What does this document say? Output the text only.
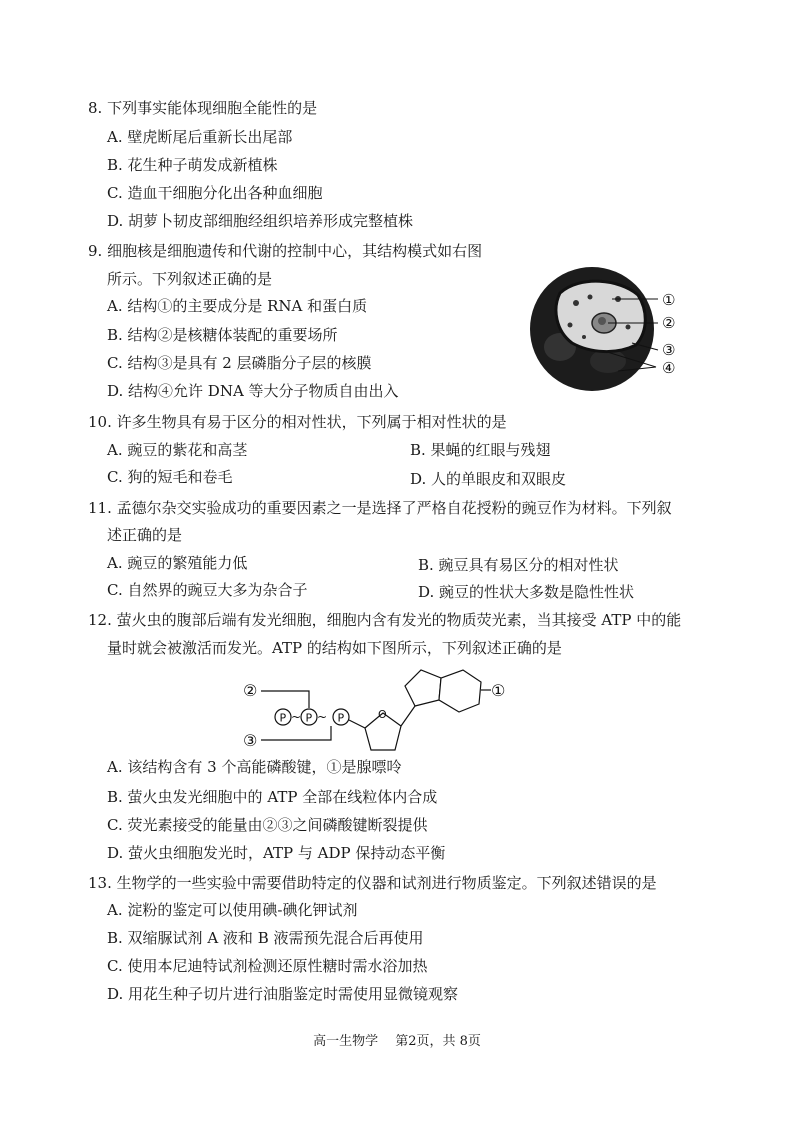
8. 下列事实能体现细胞全能性的是
A. 壁虎断尾后重新长出尾部
B. 花生种子萌发成新植株
C. 造血干细胞分化出各种血细胞
D. 胡萝卜韧皮部细胞经组织培养形成完整植株
9. 细胞核是细胞遗传和代谢的控制中心，其结构模式如右图
所示。下列叙述正确的是
A. 结构①的主要成分是 RNA 和蛋白质
B. 结构②是核糖体装配的重要场所
C. 结构③是具有 2 层磷脂分子层的核膜
D. 结构④允许 DNA 等大分子物质自由出入
①
②
③
④
10. 许多生物具有易于区分的相对性状，下列属于相对性状的是
A. 豌豆的紫花和高茎	B. 果蝇的红眼与残翅
C. 狗的短毛和卷毛	D. 人的单眼皮和双眼皮
11. 孟德尔杂交实验成功的重要因素之一是选择了严格自花授粉的豌豆作为材料。下列叙
述正确的是
A. 豌豆的繁殖能力低	B. 豌豆具有易区分的相对性状
C. 自然界的豌豆大多为杂合子	D. 豌豆的性状大多数是隐性性状
12. 萤火虫的腹部后端有发光细胞，细胞内含有发光的物质荧光素，当其接受 ATP 中的能
量时就会被激活而发光。ATP 的结构如下图所示，下列叙述正确的是
②
③
P ~ P ~ P	O
①
A. 该结构含有 3 个高能磷酸键，①是腺嘌呤
B. 萤火虫发光细胞中的 ATP 全部在线粒体内合成
C. 荧光素接受的能量由②③之间磷酸键断裂提供
D. 萤火虫细胞发光时，ATP 与 ADP 保持动态平衡
13. 生物学的一些实验中需要借助特定的仪器和试剂进行物质鉴定。下列叙述错误的是
A. 淀粉的鉴定可以使用碘-碘化钾试剂
B. 双缩脲试剂 A 液和 B 液需预先混合后再使用
C. 使用本尼迪特试剂检测还原性糖时需水浴加热
D. 用花生种子切片进行油脂鉴定时需使用显微镜观察
高一生物学　 第2页，共 8页
